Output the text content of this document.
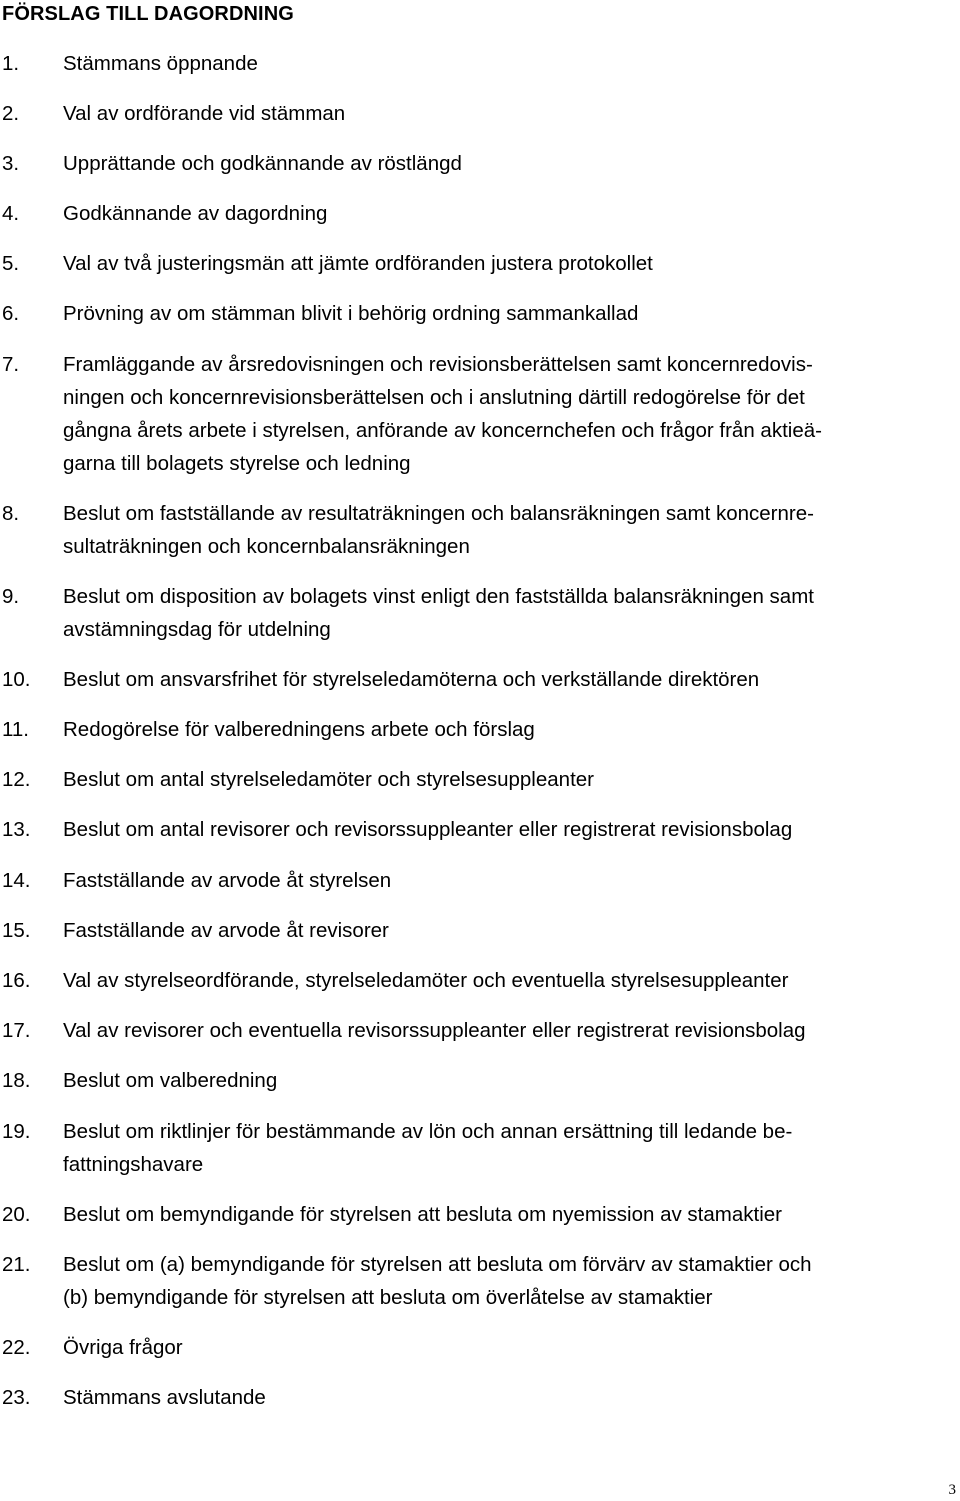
FÖRSLAG TILL DAGORDNING
1. Stämmans öppnande
2. Val av ordförande vid stämman
3. Upprättande och godkännande av röstlängd
4. Godkännande av dagordning
5. Val av två justeringsmän att jämte ordföranden justera protokollet
6. Prövning av om stämman blivit i behörig ordning sammankallad
7. Framläggande av årsredovisningen och revisionsberättelsen samt koncernredovis-
ningen och koncernrevisionsberättelsen och i anslutning därtill redogörelse för det
gångna årets arbete i styrelsen, anförande av koncernchefen och frågor från aktieä-
garna till bolagets styrelse och ledning
8. Beslut om fastställande av resultaträkningen och balansräkningen samt koncernre-
sultaträkningen och koncernbalansräkningen
9. Beslut om disposition av bolagets vinst enligt den fastställda balansräkningen samt
avstämningsdag för utdelning
10. Beslut om ansvarsfrihet för styrelseledamöterna och verkställande direktören
11. Redogörelse för valberedningens arbete och förslag
12. Beslut om antal styrelseledamöter och styrelsesuppleanter
13. Beslut om antal revisorer och revisorssuppleanter eller registrerat revisionsbolag
14. Fastställande av arvode åt styrelsen
15. Fastställande av arvode åt revisorer
16. Val av styrelseordförande, styrelseledamöter och eventuella styrelsesuppleanter
17. Val av revisorer och eventuella revisorssuppleanter eller registrerat revisionsbolag
18. Beslut om valberedning
19. Beslut om riktlinjer för bestämmande av lön och annan ersättning till ledande be-
fattningshavare
20. Beslut om bemyndigande för styrelsen att besluta om nyemission av stamaktier
21. Beslut om (a) bemyndigande för styrelsen att besluta om förvärv av stamaktier och
(b) bemyndigande för styrelsen att besluta om överlåtelse av stamaktier
22. Övriga frågor
23. Stämmans avslutande
3
